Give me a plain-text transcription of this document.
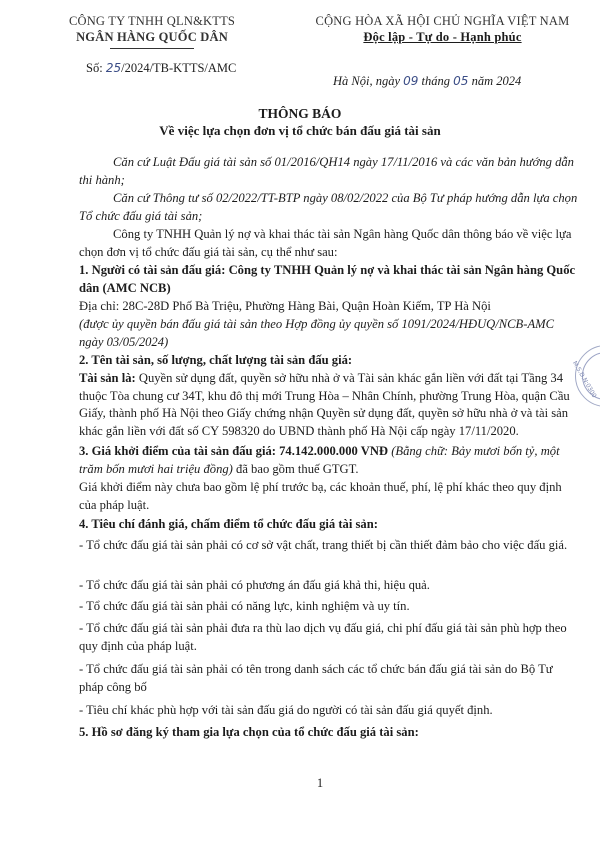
CÔNG TY TNHH QLN&KTTS
NGÂN HÀNG QUỐC DÂN
CỘNG HÒA XÃ HỘI CHỦ NGHĨA VIỆT NAM
Độc lập - Tự do - Hạnh phúc
Số: 25/2024/TB-KTTS/AMC
Hà Nội, ngày 09 tháng 05 năm 2024
THÔNG BÁO
Về việc lựa chọn đơn vị tổ chức bán đấu giá tài sản
Căn cứ Luật Đấu giá tài sản số 01/2016/QH14 ngày 17/11/2016 và các văn bản hướng dẫn thi hành;
Căn cứ Thông tư số 02/2022/TT-BTP ngày 08/02/2022 của Bộ Tư pháp hướng dẫn lựa chọn Tổ chức đấu giá tài sản;
Công ty TNHH Quản lý nợ và khai thác tài sản Ngân hàng Quốc dân thông báo về việc lựa chọn đơn vị tổ chức đấu giá tài sản, cụ thể như sau:
1. Người có tài sản đấu giá: Công ty TNHH Quản lý nợ và khai thác tài sản Ngân hàng Quốc dân (AMC NCB)
Địa chỉ: 28C-28D Phố Bà Triệu, Phường Hàng Bài, Quận Hoàn Kiếm, TP Hà Nội
(được ủy quyền bán đấu giá tài sản theo Hợp đồng ủy quyền số 1091/2024/HĐUQ/NCB-AMC ngày 03/05/2024)
2. Tên tài sản, số lượng, chất lượng tài sản đấu giá:
Tài sản là: Quyền sử dụng đất, quyền sở hữu nhà ở và Tài sản khác gắn liền với đất tại Tầng 34 thuộc Tòa chung cư 34T, khu đô thị mới Trung Hòa – Nhân Chính, phường Trung Hòa, quận Cầu Giấy, thành phố Hà Nội theo Giấy chứng nhận Quyền sử dụng đất, quyền sở hữu nhà ở và tài sản khác gắn liền với đất số CY 598320 do UBND thành phố Hà Nội cấp ngày 17/11/2020.
3. Giá khởi điểm của tài sản đấu giá: 74.142.000.000 VNĐ (Bằng chữ: Bảy mươi bốn tỷ, một trăm bốn mươi hai triệu đồng) đã bao gồm thuế GTGT.
Giá khởi điểm này chưa bao gồm lệ phí trước bạ, các khoản thuế, phí, lệ phí khác theo quy định của pháp luật.
4. Tiêu chí đánh giá, chấm điểm tổ chức đấu giá tài sản:
- Tổ chức đấu giá tài sản phải có cơ sở vật chất, trang thiết bị cần thiết đảm bảo cho việc đấu giá.
- Tổ chức đấu giá tài sản phải có phương án đấu giá khả thi, hiệu quả.
- Tổ chức đấu giá tài sản phải có năng lực, kinh nghiệm và uy tín.
- Tổ chức đấu giá tài sản phải đưa ra thù lao dịch vụ đấu giá, chi phí đấu giá tài sản phù hợp theo quy định của pháp luật.
- Tổ chức đấu giá tài sản phải có tên trong danh sách các tổ chức bán đấu giá tài sản do Bộ Tư pháp công bố
- Tiêu chí khác phù hợp với tài sản đấu giá do người có tài sản đấu giá quyết định.
5. Hồ sơ đăng ký tham gia lựa chọn của tổ chức đấu giá tài sản:
1
M.S.D.N:0300
